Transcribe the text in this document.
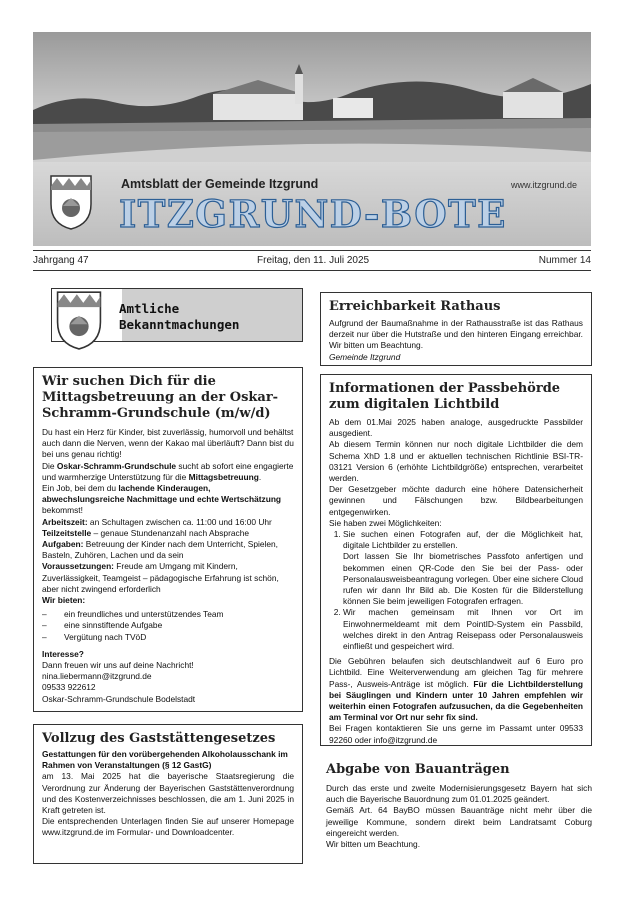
Amtsblatt der Gemeinde Itzgrund	www.itzgrund.de
ITZGRUND-BOTE
Jahrgang 47	Freitag, den 11. Juli 2025	Nummer 14
Amtliche
Bekanntmachungen
Wir suchen Dich für die Mittagsbetreuung an der Oskar-Schramm-Grundschule (m/w/d)

Du hast ein Herz für Kinder, bist zuverlässig, humorvoll und behältst auch dann die Nerven, wenn der Kakao mal überläuft? Dann bist du bei uns genau richtig!

Die Oskar-Schramm-Grundschule sucht ab sofort eine engagierte und warmherzige Unterstützung für die Mittagsbetreuung.

Ein Job, bei dem du lachende Kinderaugen, abwechslungsreiche Nachmittage und echte Wertschätzung bekommst!

Arbeitszeit: an Schultagen zwischen ca. 11:00 und 16:00 Uhr

Teilzeitstelle – genaue Stundenanzahl nach Absprache

Aufgaben: Betreuung der Kinder nach dem Unterricht, Spielen, Basteln, Zuhören, Lachen und da sein

Voraussetzungen: Freude am Umgang mit Kindern, Zuverlässigkeit, Teamgeist – pädagogische Erfahrung ist schön, aber nicht zwingend erforderlich

Wir bieten:

– ein freundliches und unterstützendes Team
– eine sinnstiftende Aufgabe
– Vergütung nach TVöD

Interesse?

Dann freuen wir uns auf deine Nachricht!

nina.liebermann@itzgrund.de

09533 922612

Oskar-Schramm-Grundschule Bodelstadt

Vollzug des Gaststättengesetzes

Gestattungen für den vorübergehenden Alkoholausschank im Rahmen von Veranstaltungen (§ 12 GastG)

am 13. Mai 2025 hat die bayerische Staatsregierung die Verordnung zur Änderung der Bayerischen Gaststättenverordnung und des Kostenverzeichnisses beschlossen, die am 1. Juni 2025 in Kraft getreten ist.

Die entsprechenden Unterlagen finden Sie auf unserer Homepage www.itzgrund.de im Formular- und Downloadcenter.

Erreichbarkeit Rathaus

Aufgrund der Baumaßnahme in der Rathausstraße ist das Rathaus derzeit nur über die Hutstraße und den hinteren Eingang erreichbar. Wir bitten um Beachtung.

Gemeinde Itzgrund

Informationen der Passbehörde zum digitalen Lichtbild

Ab dem 01.Mai 2025 haben analoge, ausgedruckte Passbilder ausgedient.

Ab diesem Termin können nur noch digitale Lichtbilder die dem Schema XhD 1.8 und er aktuellen technischen Richtlinie BSI-TR-03121 Version 6 (erhöhte Lichtbildgröße) entsprechen, verarbeitet werden.

Der Gesetzgeber möchte dadurch eine höhere Datensicherheit gewinnen und Fälschungen bzw. Bildbearbeitungen entgegenwirken.

Sie haben zwei Möglichkeiten:

1. Sie suchen einen Fotografen auf, der die Möglichkeit hat, digitale Lichtbilder zu erstellen.
Dort lassen Sie Ihr biometrisches Passfoto anfertigen und bekommen einen QR-Code den Sie bei der Pass- oder Personalausweisbeantragung vorlegen. Über eine sichere Cloud rufen wir dann Ihr Bild ab. Die Kosten für die Bilderstellung können Sie beim jeweiligen Fotografen erfragen.
2. Wir machen gemeinsam mit Ihnen vor Ort im Einwohnermeldeamt mit dem PointID-System ein Passbild, welches direkt in den Antrag Reisepass oder Personalausweis einfließt und gespeichert wird.

Die Gebühren belaufen sich deutschlandweit auf 6 Euro pro Lichtbild. Eine Weiterverwendung am gleichen Tag für mehrere Pass-, Ausweis-Anträge ist möglich. Für die Lichtbilderstellung bei Säuglingen und Kindern unter 10 Jahren empfehlen wir weiterhin einen Fotografen aufzusuchen, da die Gegebenheiten am Terminal vor Ort nur sehr fix sind.

Bei Fragen kontaktieren Sie uns gerne im Passamt unter 09533 92260 oder info@itzgrund.de

Abgabe von Bauanträgen

Durch das erste und zweite Modernisierungsgesetz Bayern hat sich auch die Bayerische Bauordnung zum 01.01.2025 geändert.

Gemäß Art. 64 BayBO müssen Bauanträge nicht mehr über die jeweilige Kommune, sondern direkt beim Landratsamt Coburg eingereicht werden.

Wir bitten um Beachtung.
